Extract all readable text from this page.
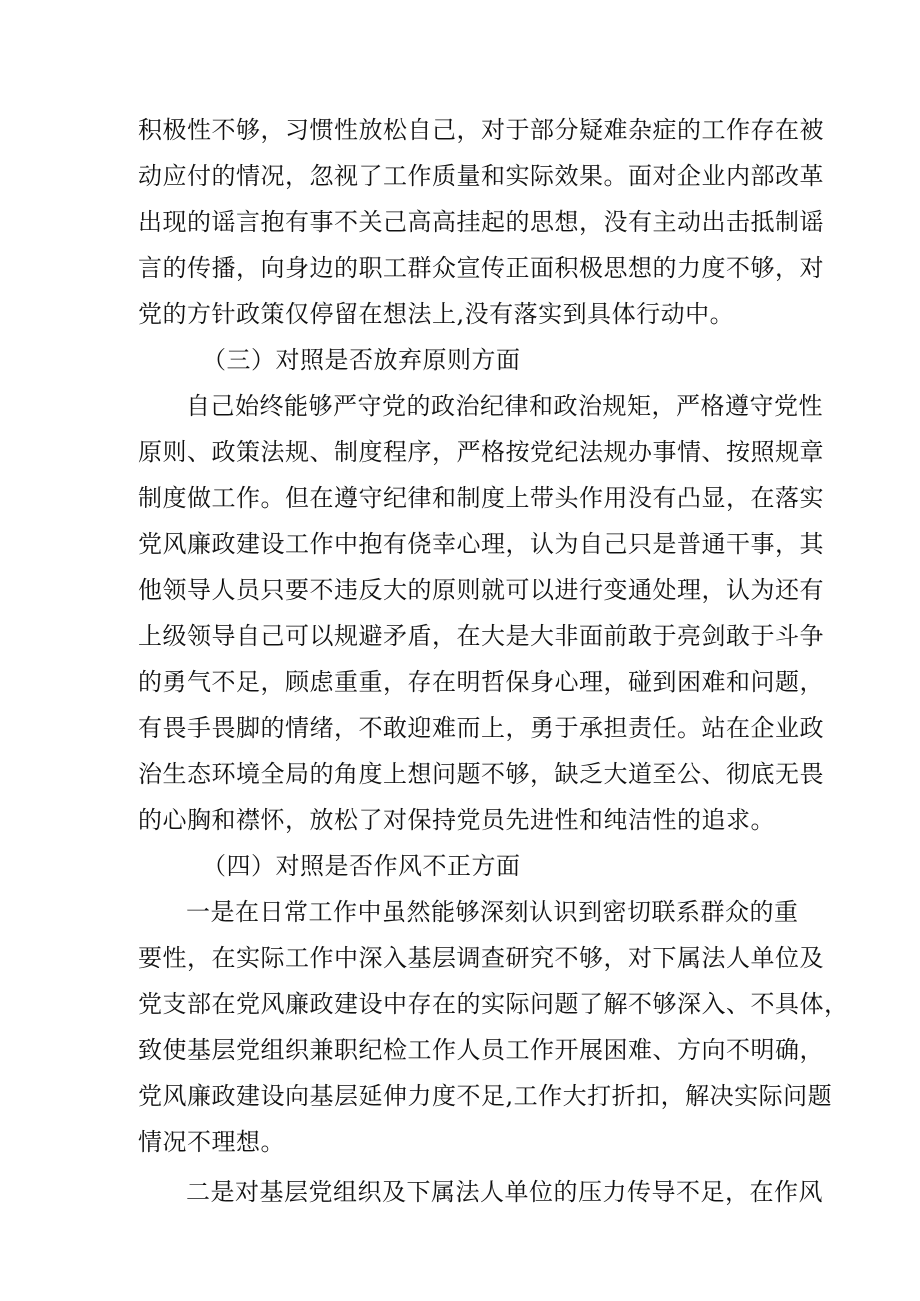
积极性不够，习惯性放松自己，对于部分疑难杂症的工作存在被
动应付的情况，忽视了工作质量和实际效果。面对企业内部改革
出现的谣言抱有事不关己高高挂起的思想，没有主动出击抵制谣
言的传播，向身边的职工群众宣传正面积极思想的力度不够，对
党的方针政策仅停留在想法上,没有落实到具体行动中。
（三）对照是否放弃原则方面
自己始终能够严守党的政治纪律和政治规矩，严格遵守党性
原则、政策法规、制度程序，严格按党纪法规办事情、按照规章
制度做工作。但在遵守纪律和制度上带头作用没有凸显，在落实
党风廉政建设工作中抱有侥幸心理，认为自己只是普通干事，其
他领导人员只要不违反大的原则就可以进行变通处理，认为还有
上级领导自己可以规避矛盾，在大是大非面前敢于亮剑敢于斗争
的勇气不足，顾虑重重，存在明哲保身心理，碰到困难和问题，
有畏手畏脚的情绪，不敢迎难而上，勇于承担责任。站在企业政
治生态环境全局的角度上想问题不够，缺乏大道至公、彻底无畏
的心胸和襟怀，放松了对保持党员先进性和纯洁性的追求。
（四）对照是否作风不正方面
一是在日常工作中虽然能够深刻认识到密切联系群众的重
要性，在实际工作中深入基层调查研究不够，对下属法人单位及
党支部在党风廉政建设中存在的实际问题了解不够深入、不具体，
致使基层党组织兼职纪检工作人员工作开展困难、方向不明确，
党风廉政建设向基层延伸力度不足,工作大打折扣，解决实际问题
情况不理想。
二是对基层党组织及下属法人单位的压力传导不足，在作风
